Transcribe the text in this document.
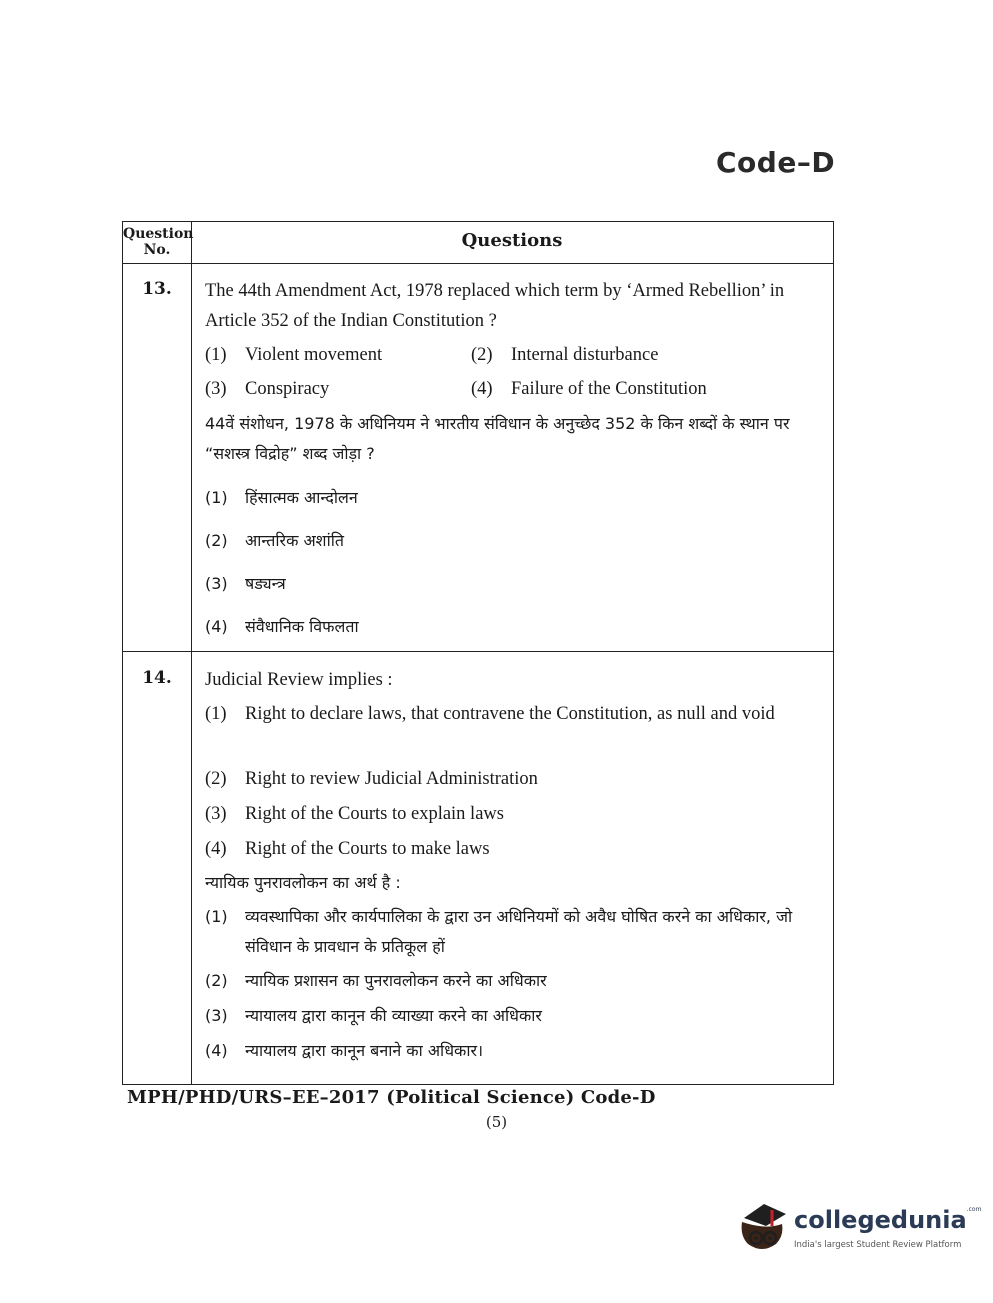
Code–D
Question No.	Questions
13.	The 44th Amendment Act, 1978 replaced which term by ‘Armed Rebellion’ in Article 352 of the Indian Constitution ?
(1) Violent movement	(2) Internal disturbance
(3) Conspiracy	(4) Failure of the Constitution
44वें संशोधन, 1978 के अधिनियम ने भारतीय संविधान के अनुच्छेद 352 के किन शब्दों के स्थान पर “सशस्त्र विद्रोह” शब्द जोड़ा ?
(1) हिंसात्मक आन्दोलन
(2) आन्तरिक अशांति
(3) षड्यन्त्र
(4) संवैधानिक विफलता
14.	Judicial Review implies :
(1) Right to declare laws, that contravene the Constitution, as null and void
(2) Right to review Judicial Administration
(3) Right of the Courts to explain laws
(4) Right of the Courts to make laws
न्यायिक पुनरावलोकन का अर्थ है :
(1) व्यवस्थापिका और कार्यपालिका के द्वारा उन अधिनियमों को अवैध घोषित करने का अधिकार, जो संविधान के प्रावधान के प्रतिकूल हों
(2) न्यायिक प्रशासन का पुनरावलोकन करने का अधिकार
(3) न्यायालय द्वारा कानून की व्याख्या करने का अधिकार
(4) न्यायालय द्वारा कानून बनाने का अधिकार।
MPH/PHD/URS–EE–2017 (Political Science) Code-D
(5)
collegedunia$^{.com}$
India's largest Student Review Platform
